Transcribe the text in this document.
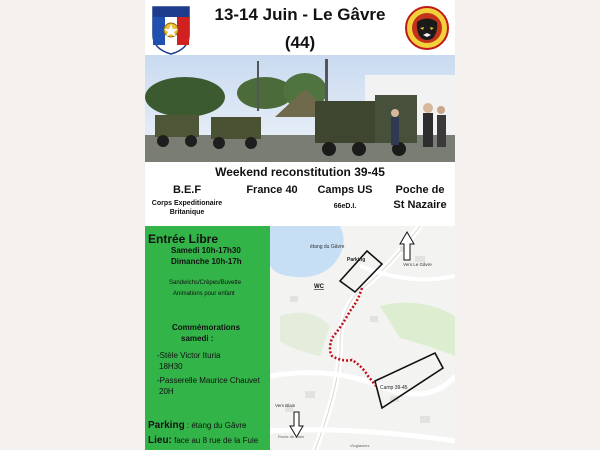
13-14 Juin - Le Gâvre
(44)
Weekend reconstitution 39-45
B.E.F
Corps Expeditionaire
Britanique
France 40	Camps US
66eD.I.
Poche de
St Nazaire
Entrée Libre
Samedi 10h-17h30
Dimanche 10h-17h
Sandwichs/Crêpes/Buvette
Animations pour enfant
Commémorations
samedi :
-Stèle Victor Ituria
18H30
-Passerelle Maurice Chauvet
20H
Parking : étang du Gâvre
Lieu: face au 8 rue de la Fuie
étang du Gâvre
Parking
Vers Le Gâvre
WC
Camp 39-45
Vers Blain
Route de Blain
Vioglaches
